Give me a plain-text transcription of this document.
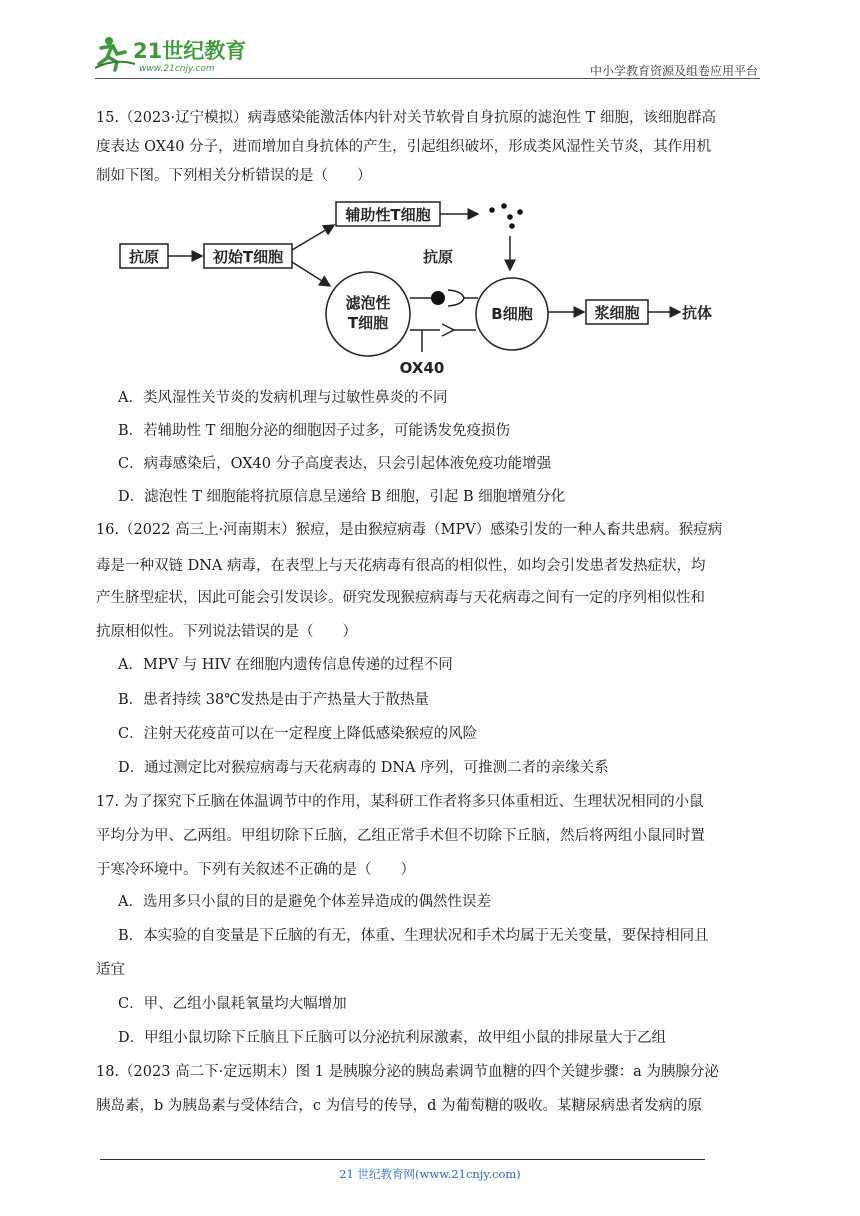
21世纪教育
www.21cnjy.com	中小学教育资源及组卷应用平台

15.（2023·辽宁模拟）病毒感染能激活体内针对关节软骨自身抗原的滤泡性 T 细胞，该细胞群高

度表达 OX40 分子，进而增加自身抗体的产生，引起组织破坏，形成类风湿性关节炎，其作用机

制如下图。下列相关分析错误的是（　　）

抗原	初始T细胞
辅助性T细胞
滤泡性
T细胞
抗原
OX40
B细胞	浆细胞	抗体

A．类风湿性关节炎的发病机理与过敏性鼻炎的不同

B．若辅助性 T 细胞分泌的细胞因子过多，可能诱发免疫损伤

C．病毒感染后，OX40 分子高度表达，只会引起体液免疫功能增强

D．滤泡性 T 细胞能将抗原信息呈递给 B 细胞，引起 B 细胞增殖分化

16.（2022 高三上·河南期末）猴痘，是由猴痘病毒（MPV）感染引发的一种人畜共患病。猴痘病

毒是一种双链 DNA 病毒，在表型上与天花病毒有很高的相似性，如均会引发患者发热症状，均

产生脐型症状，因此可能会引发误诊。研究发现猴痘病毒与天花病毒之间有一定的序列相似性和

抗原相似性。下列说法错误的是（　　）

A．MPV 与 HIV 在细胞内遗传信息传递的过程不同

B．患者持续 38℃发热是由于产热量大于散热量

C．注射天花疫苗可以在一定程度上降低感染猴痘的风险

D．通过测定比对猴痘病毒与天花病毒的 DNA 序列，可推测二者的亲缘关系

17. 为了探究下丘脑在体温调节中的作用，某科研工作者将多只体重相近、生理状况相同的小鼠

平均分为甲、乙两组。甲组切除下丘脑，乙组正常手术但不切除下丘脑，然后将两组小鼠同时置

于寒冷环境中。下列有关叙述不正确的是（　　）

A．选用多只小鼠的目的是避免个体差异造成的偶然性误差

B．本实验的自变量是下丘脑的有无，体重、生理状况和手术均属于无关变量，要保持相同且

适宜

C．甲、乙组小鼠耗氧量均大幅增加

D．甲组小鼠切除下丘脑且下丘脑可以分泌抗利尿激素，故甲组小鼠的排尿量大于乙组

18.（2023 高二下·定远期末）图 1 是胰腺分泌的胰岛素调节血糖的四个关键步骤：a 为胰腺分泌

胰岛素，b 为胰岛素与受体结合，c 为信号的传导，d 为葡萄糖的吸收。某糖尿病患者发病的原

21 世纪教育网(www.21cnjy.com)
